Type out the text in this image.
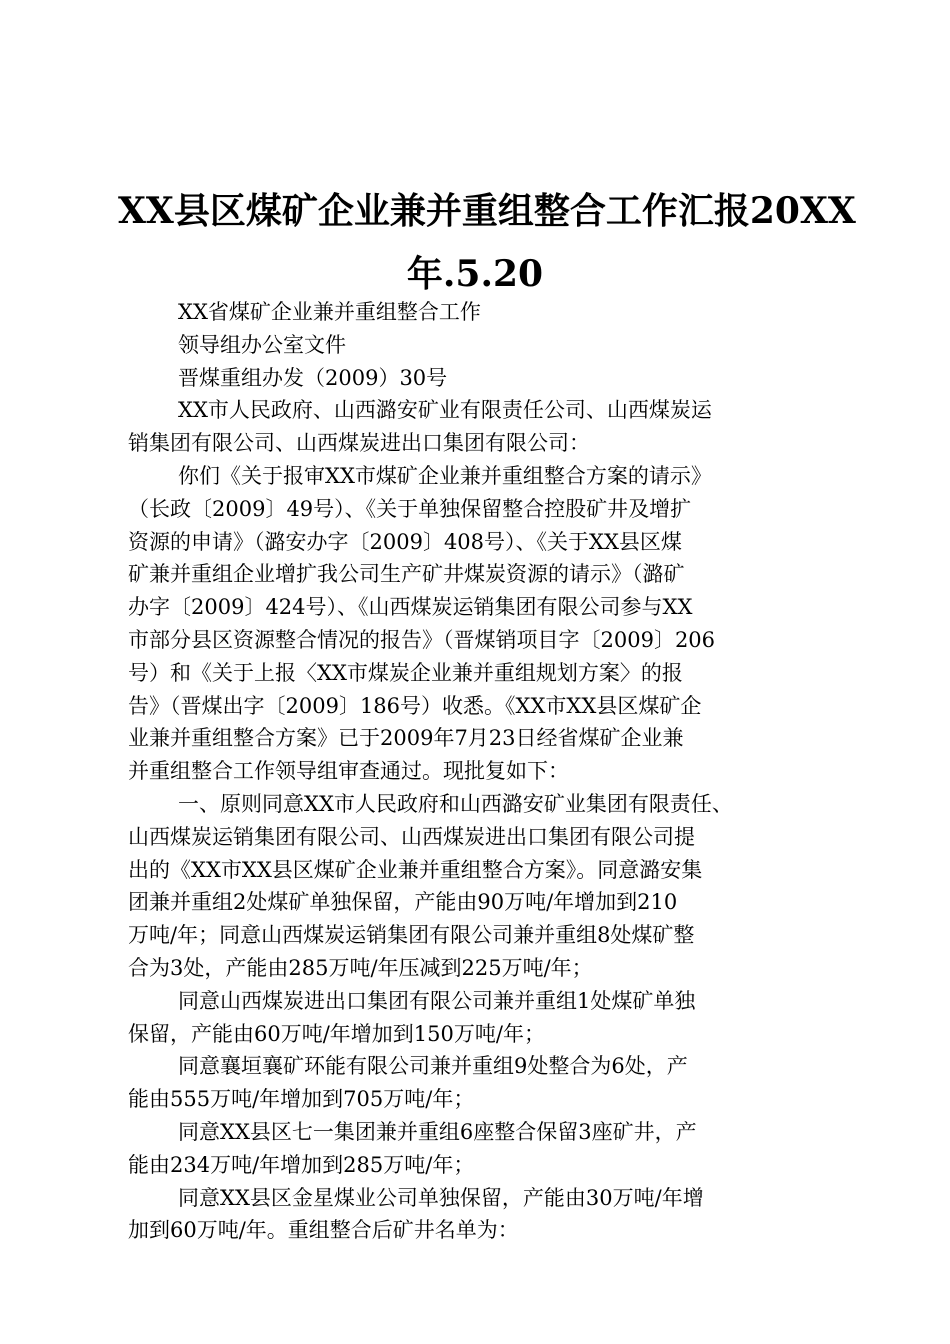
XX县区煤矿企业兼并重组整合工作汇报20XX
年.5.20
XX省煤矿企业兼并重组整合工作
领导组办公室文件
晋煤重组办发（2009）30号
XX市人民政府、山西潞安矿业有限责任公司、山西煤炭运
销集团有限公司、山西煤炭进出口集团有限公司：
你们《关于报审XX市煤矿企业兼并重组整合方案的请示》
（长政〔2009〕49号）、《关于单独保留整合控股矿井及增扩
资源的申请》（潞安办字〔2009〕408号）、《关于XX县区煤
矿兼并重组企业增扩我公司生产矿井煤炭资源的请示》（潞矿
办字〔2009〕424号）、《山西煤炭运销集团有限公司参与XX
市部分县区资源整合情况的报告》（晋煤销项目字〔2009〕206
号）和《关于上报〈XX市煤炭企业兼并重组规划方案〉的报
告》（晋煤出字〔2009〕186号）收悉。《XX市XX县区煤矿企
业兼并重组整合方案》已于2009年7月23日经省煤矿企业兼
并重组整合工作领导组审查通过。现批复如下：
一、原则同意XX市人民政府和山西潞安矿业集团有限责任、
山西煤炭运销集团有限公司、山西煤炭进出口集团有限公司提
出的《XX市XX县区煤矿企业兼并重组整合方案》。同意潞安集
团兼并重组2处煤矿单独保留，产能由90万吨/年增加到210
万吨/年；同意山西煤炭运销集团有限公司兼并重组8处煤矿整
合为3处，产能由285万吨/年压减到225万吨/年；
同意山西煤炭进出口集团有限公司兼并重组1处煤矿单独
保留，产能由60万吨/年增加到150万吨/年；
同意襄垣襄矿环能有限公司兼并重组9处整合为6处，产
能由555万吨/年增加到705万吨/年；
同意XX县区七一集团兼并重组6座整合保留3座矿井，产
能由234万吨/年增加到285万吨/年；
同意XX县区金星煤业公司单独保留，产能由30万吨/年增
加到60万吨/年。重组整合后矿井名单为：
